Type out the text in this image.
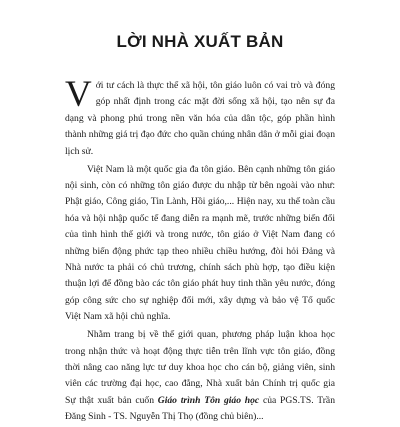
LỜI NHÀ XUẤT BẢN

Với tư cách là thực thể xã hội, tôn giáo luôn có vai trò và đóng góp nhất định trong các mặt đời sống xã hội, tạo nên sự đa dạng và phong phú trong nền văn hóa của dân tộc, góp phần hình thành những giá trị đạo đức cho quần chúng nhân dân ở mỗi giai đoạn lịch sử.

Việt Nam là một quốc gia đa tôn giáo. Bên cạnh những tôn giáo nội sinh, còn có những tôn giáo được du nhập từ bên ngoài vào như: Phật giáo, Công giáo, Tin Lành, Hồi giáo,... Hiện nay, xu thế toàn cầu hóa và hội nhập quốc tế đang diễn ra mạnh mẽ, trước những biến đổi của tình hình thế giới và trong nước, tôn giáo ở Việt Nam đang có những biến động phức tạp theo nhiều chiều hướng, đòi hỏi Đảng và Nhà nước ta phải có chủ trương, chính sách phù hợp, tạo điều kiện thuận lợi để đồng bào các tôn giáo phát huy tinh thần yêu nước, đóng góp công sức cho sự nghiệp đổi mới, xây dựng và bảo vệ Tổ quốc Việt Nam xã hội chủ nghĩa.

Nhằm trang bị về thế giới quan, phương pháp luận khoa học trong nhận thức và hoạt động thực tiễn trên lĩnh vực tôn giáo, đồng thời nâng cao năng lực tư duy khoa học cho cán bộ, giảng viên, sinh viên các trường đại học, cao đẳng, Nhà xuất bản Chính trị quốc gia Sự thật xuất bản cuốn Giáo trình Tôn giáo học của PGS.TS. Trần Đăng Sinh - TS. Nguyễn Thị Thọ (đồng chủ biên)...
